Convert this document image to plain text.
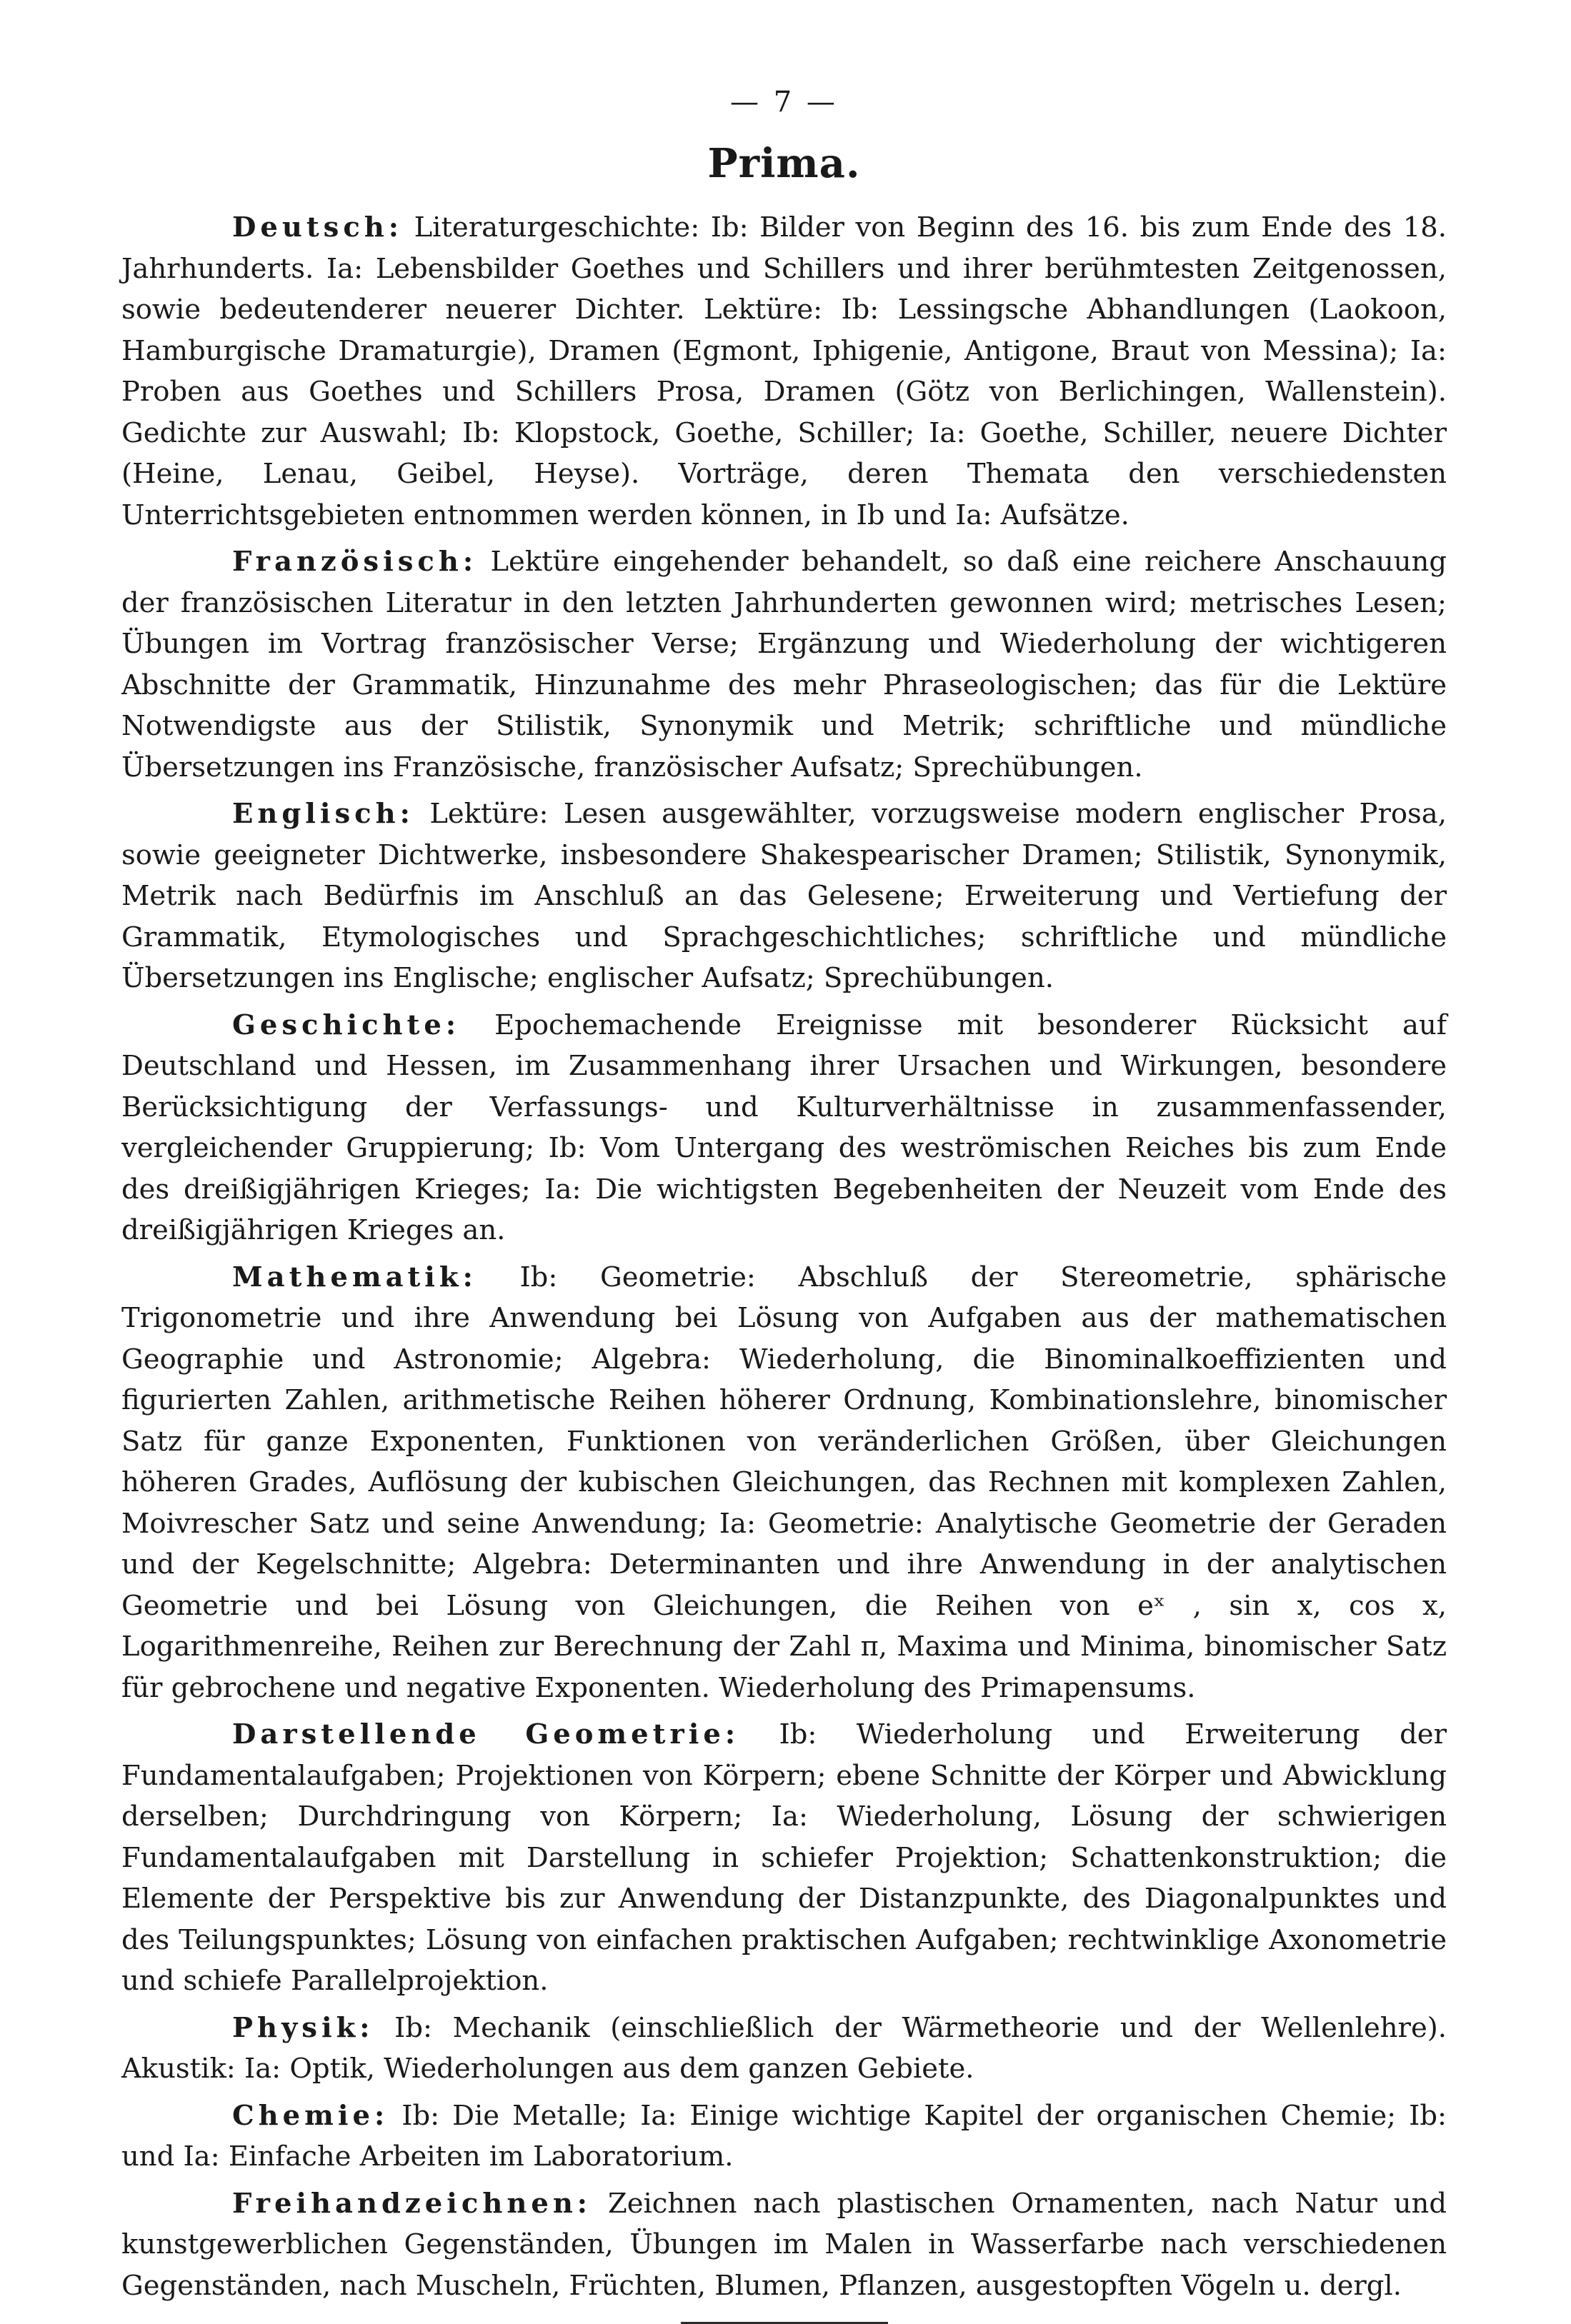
— 7 —
Prima.

Deutsch: Literaturgeschichte: Ib: Bilder von Beginn des 16. bis zum Ende des 18. Jahrhunderts. Ia: Lebensbilder Goethes und Schillers und ihrer berühmtesten Zeitgenossen, sowie bedeutenderer neuerer Dichter. Lektüre: Ib: Lessingsche Abhandlungen (Laokoon, Hamburgische Dramaturgie), Dramen (Egmont, Iphigenie, Antigone, Braut von Messina); Ia: Proben aus Goethes und Schillers Prosa, Dramen (Götz von Berlichingen, Wallenstein). Gedichte zur Auswahl; Ib: Klopstock, Goethe, Schiller; Ia: Goethe, Schiller, neuere Dichter (Heine, Lenau, Geibel, Heyse). Vorträge, deren Themata den verschiedensten Unterrichtsgebieten entnommen werden können, in Ib und Ia: Aufsätze.

Französisch: Lektüre eingehender behandelt, so daß eine reichere Anschauung der französischen Literatur in den letzten Jahrhunderten gewonnen wird; metrisches Lesen; Übungen im Vortrag französischer Verse; Ergänzung und Wiederholung der wichtigeren Abschnitte der Grammatik, Hinzunahme des mehr Phraseologischen; das für die Lektüre Notwendigste aus der Stilistik, Synonymik und Metrik; schriftliche und mündliche Übersetzungen ins Französische, französischer Aufsatz; Sprechübungen.

Englisch: Lektüre: Lesen ausgewählter, vorzugsweise modern englischer Prosa, sowie geeigneter Dichtwerke, insbesondere Shakespearischer Dramen; Stilistik, Synonymik, Metrik nach Bedürfnis im Anschluß an das Gelesene; Erweiterung und Vertiefung der Grammatik, Etymologisches und Sprachgeschichtliches; schriftliche und mündliche Übersetzungen ins Englische; englischer Aufsatz; Sprechübungen.

Geschichte: Epochemachende Ereignisse mit besonderer Rücksicht auf Deutschland und Hessen, im Zusammenhang ihrer Ursachen und Wirkungen, besondere Berücksichtigung der Verfassungs- und Kulturverhältnisse in zusammenfassender, vergleichender Gruppierung; Ib: Vom Untergang des weströmischen Reiches bis zum Ende des dreißigjährigen Krieges; Ia: Die wichtigsten Begebenheiten der Neuzeit vom Ende des dreißigjährigen Krieges an.

Mathematik: Ib: Geometrie: Abschluß der Stereometrie, sphärische Trigonometrie und ihre Anwendung bei Lösung von Aufgaben aus der mathematischen Geographie und Astronomie; Algebra: Wiederholung, die Binominalkoeffizienten und figurierten Zahlen, arithmetische Reihen höherer Ordnung, Kombinationslehre, binomischer Satz für ganze Exponenten, Funktionen von veränderlichen Größen, über Gleichungen höheren Grades, Auflösung der kubischen Gleichungen, das Rechnen mit komplexen Zahlen, Moivrescher Satz und seine Anwendung; Ia: Geometrie: Analytische Geometrie der Geraden und der Kegelschnitte; Algebra: Determinanten und ihre Anwendung in der analytischen Geometrie und bei Lösung von Gleichungen, die Reihen von eˣ , sin x, cos x, Logarithmenreihe, Reihen zur Berechnung der Zahl π, Maxima und Minima, binomischer Satz für gebrochene und negative Exponenten. Wiederholung des Primapensums.

Darstellende Geometrie: Ib: Wiederholung und Erweiterung der Fundamentalaufgaben; Projektionen von Körpern; ebene Schnitte der Körper und Abwicklung derselben; Durchdringung von Körpern; Ia: Wiederholung, Lösung der schwierigen Fundamentalaufgaben mit Darstellung in schiefer Projektion; Schattenkonstruktion; die Elemente der Perspektive bis zur Anwendung der Distanzpunkte, des Diagonalpunktes und des Teilungspunktes; Lösung von einfachen praktischen Aufgaben; rechtwinklige Axonometrie und schiefe Parallelprojektion.

Physik: Ib: Mechanik (einschließlich der Wärmetheorie und der Wellenlehre). Akustik: Ia: Optik, Wiederholungen aus dem ganzen Gebiete.

Chemie: Ib: Die Metalle; Ia: Einige wichtige Kapitel der organischen Chemie; Ib: und Ia: Einfache Arbeiten im Laboratorium.

Freihandzeichnen: Zeichnen nach plastischen Ornamenten, nach Natur und kunstgewerblichen Gegenständen, Übungen im Malen in Wasserfarbe nach verschiedenen Gegenständen, nach Muscheln, Früchten, Blumen, Pflanzen, ausgestopften Vögeln u. dergl.
